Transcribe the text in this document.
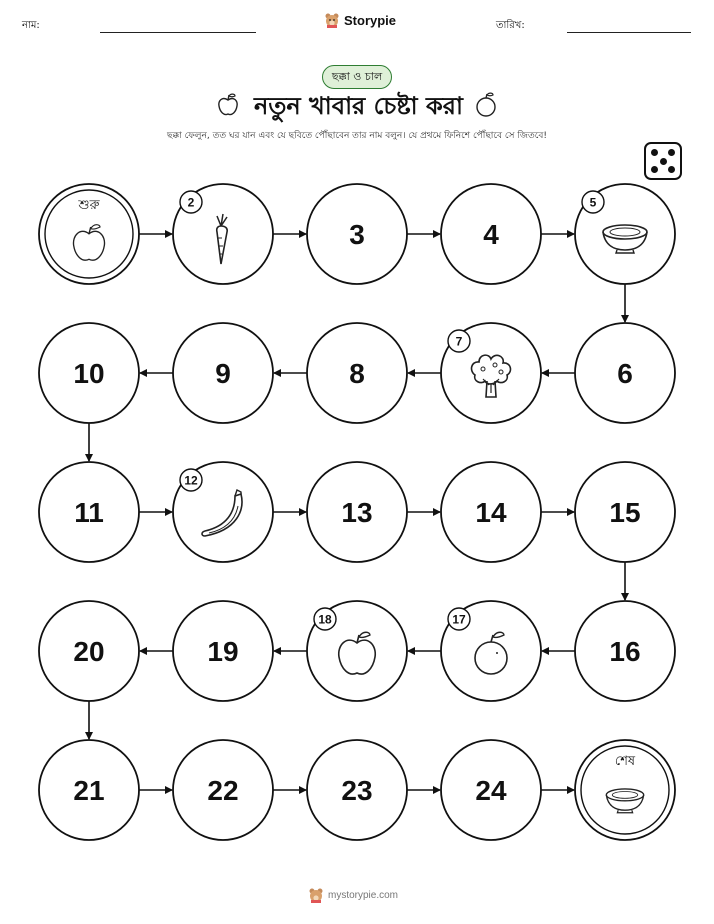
নাম:	Storypie	তারিখ:
ছক্কা ও চাল
নতুন খাবার চেষ্টা করা
ছক্কা ফেলুন, তত ঘর যান এবং যে ছবিতে পৌঁছাবেন তার নাম বলুন। যে প্রথমে ফিনিশে পৌঁছাবে সে জিতবে!
শুরু	2
3	4
5
6
7
8
9
10
11
12
13	14	15
16
17
18
19
20
21	22	23	24
শেষ
mystorypie.com
